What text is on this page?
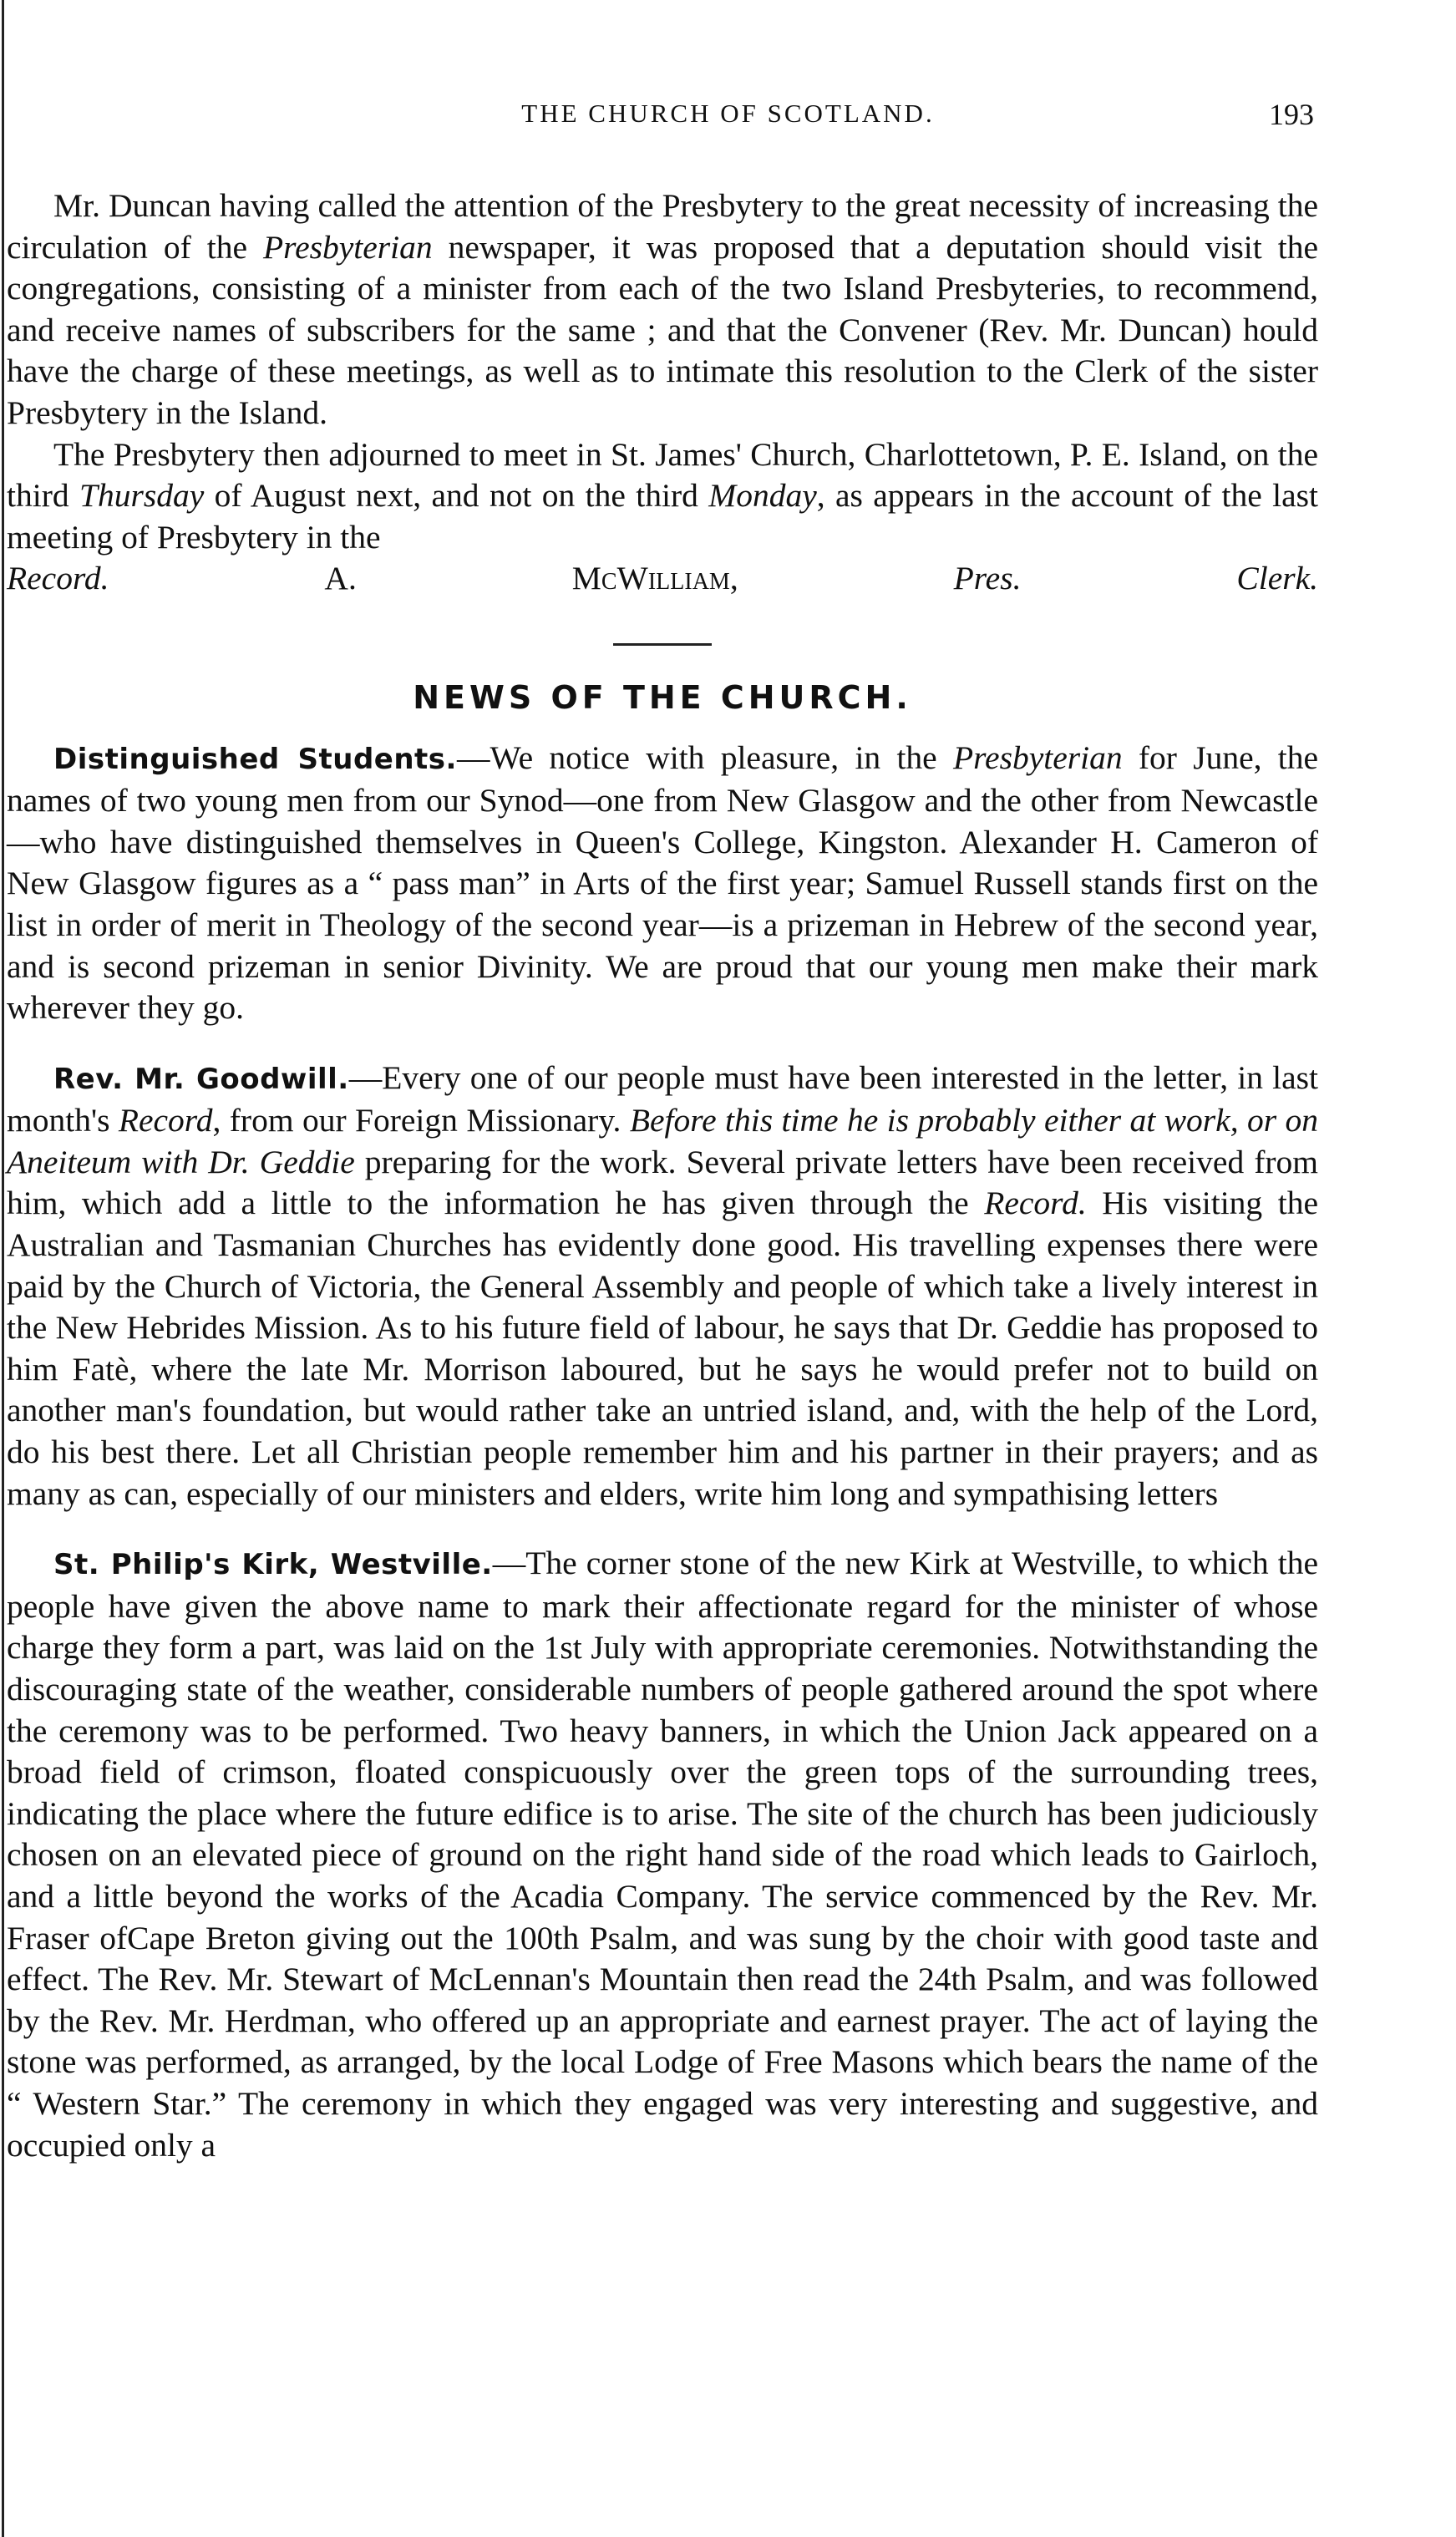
THE CHURCH OF SCOTLAND.	193

Mr. Duncan having called the attention of the Presbytery to the great necessity of increasing the circulation of the Presbyterian newspaper, it was proposed that a deputation should visit the congregations, consisting of a minister from each of the two Island Presbyteries, to recommend, and receive names of subscribers for the same ; and that the Convener (Rev. Mr. Duncan) hould have the charge of these meetings, as well as to intimate this resolution to the Clerk of the sister Presbytery in the Island.

The Presbytery then adjourned to meet in St. James' Church, Charlottetown, P. E. Island, on the third Thursday of August next, and not on the third Monday, as appears in the account of the last meeting of Presbytery in the

Record.	A. McWilliam, Pres. Clerk.

NEWS OF THE CHURCH.

Distinguished Students.—We notice with pleasure, in the Presbyterian for June, the names of two young men from our Synod—one from New Glasgow and the other from Newcastle—who have distinguished themselves in Queen's College, Kingston. Alexander H. Cameron of New Glasgow figures as a “ pass man” in Arts of the first year; Samuel Russell stands first on the list in order of merit in Theology of the second year—is a prizeman in Hebrew of the second year, and is second prizeman in senior Divinity. We are proud that our young men make their mark wherever they go.

Rev. Mr. Goodwill.—Every one of our people must have been interested in the letter, in last month's Record, from our Foreign Missionary. Before this time he is probably either at work, or on Aneiteum with Dr. Geddie preparing for the work. Several private letters have been received from him, which add a little to the information he has given through the Record. His visiting the Australian and Tasmanian Churches has evidently done good. His travelling expenses there were paid by the Church of Victoria, the General Assembly and people of which take a lively interest in the New Hebrides Mission. As to his future field of labour, he says that Dr. Geddie has proposed to him Fatè, where the late Mr. Morrison laboured, but he says he would prefer not to build on another man's foundation, but would rather take an untried island, and, with the help of the Lord, do his best there. Let all Christian people remember him and his partner in their prayers; and as many as can, especially of our ministers and elders, write him long and sympathising letters

St. Philip's Kirk, Westville.—The corner stone of the new Kirk at Westville, to which the people have given the above name to mark their affectionate regard for the minister of whose charge they form a part, was laid on the 1st July with appropriate ceremonies. Notwithstanding the discouraging state of the weather, considerable numbers of people gathered around the spot where the ceremony was to be performed. Two heavy banners, in which the Union Jack appeared on a broad field of crimson, floated conspicuously over the green tops of the surrounding trees, indicating the place where the future edifice is to arise. The site of the church has been judiciously chosen on an elevated piece of ground on the right hand side of the road which leads to Gairloch, and a little beyond the works of the Acadia Company. The service commenced by the Rev. Mr. Fraser ofCape Breton giving out the 100th Psalm, and was sung by the choir with good taste and effect. The Rev. Mr. Stewart of McLennan's Mountain then read the 24th Psalm, and was followed by the Rev. Mr. Herdman, who offered up an appropriate and earnest prayer. The act of laying the stone was performed, as arranged, by the local Lodge of Free Masons which bears the name of the “ Western Star.” The ceremony in which they engaged was very interesting and suggestive, and occupied only a
